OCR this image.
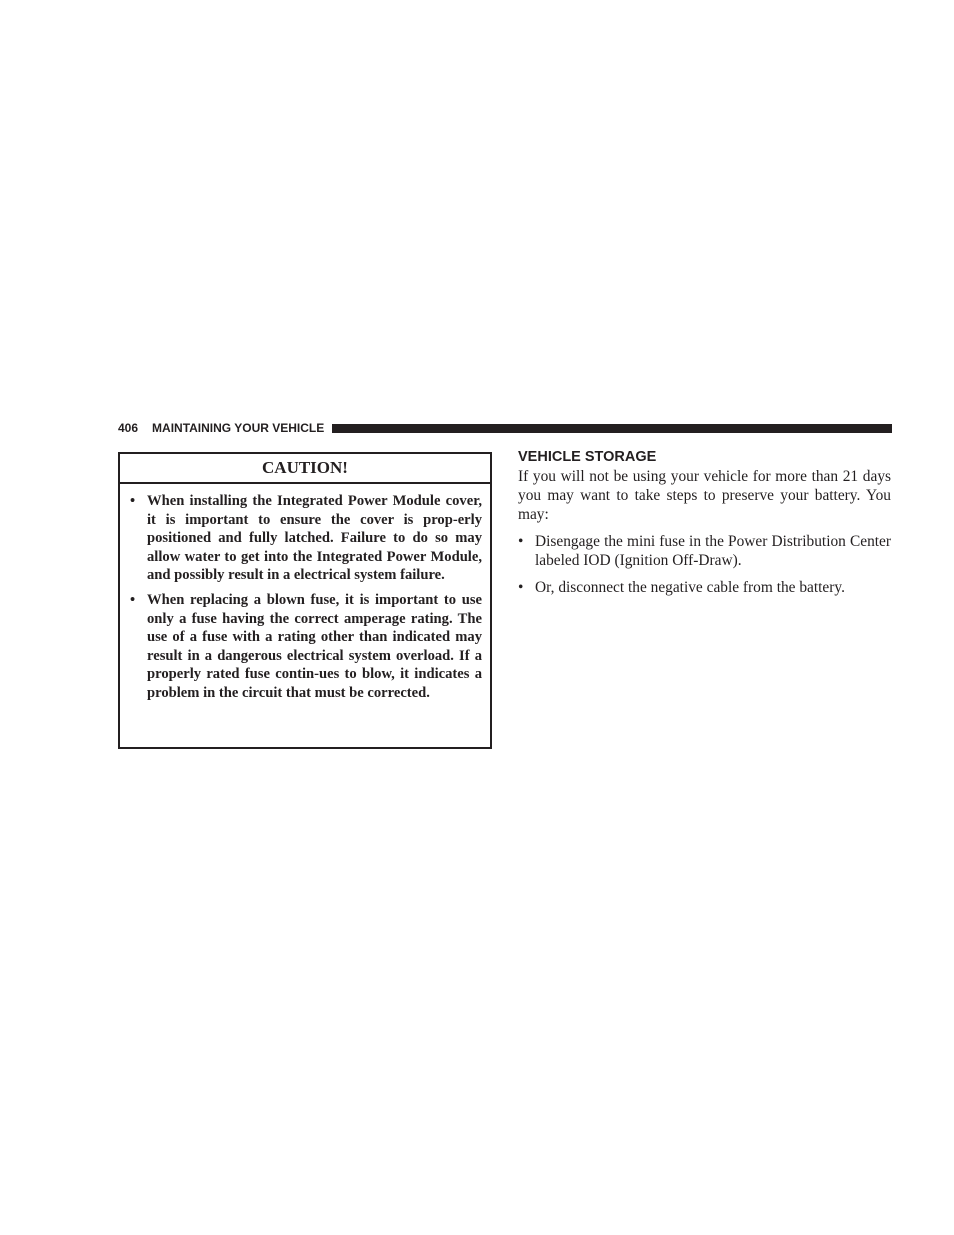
406 MAINTAINING YOUR VEHICLE
CAUTION!
• When installing the Integrated Power Module cover, it is important to ensure the cover is prop-erly positioned and fully latched. Failure to do so may allow water to get into the Integrated Power Module, and possibly result in a electrical system failure.
• When replacing a blown fuse, it is important to use only a fuse having the correct amperage rating. The use of a fuse with a rating other than indicated may result in a dangerous electrical system overload. If a properly rated fuse contin-ues to blow, it indicates a problem in the circuit that must be corrected.
VEHICLE STORAGE

If you will not be using your vehicle for more than 21 days you may want to take steps to preserve your battery. You may:

• Disengage the mini fuse in the Power Distribution Center labeled IOD (Ignition Off-Draw).
• Or, disconnect the negative cable from the battery.
